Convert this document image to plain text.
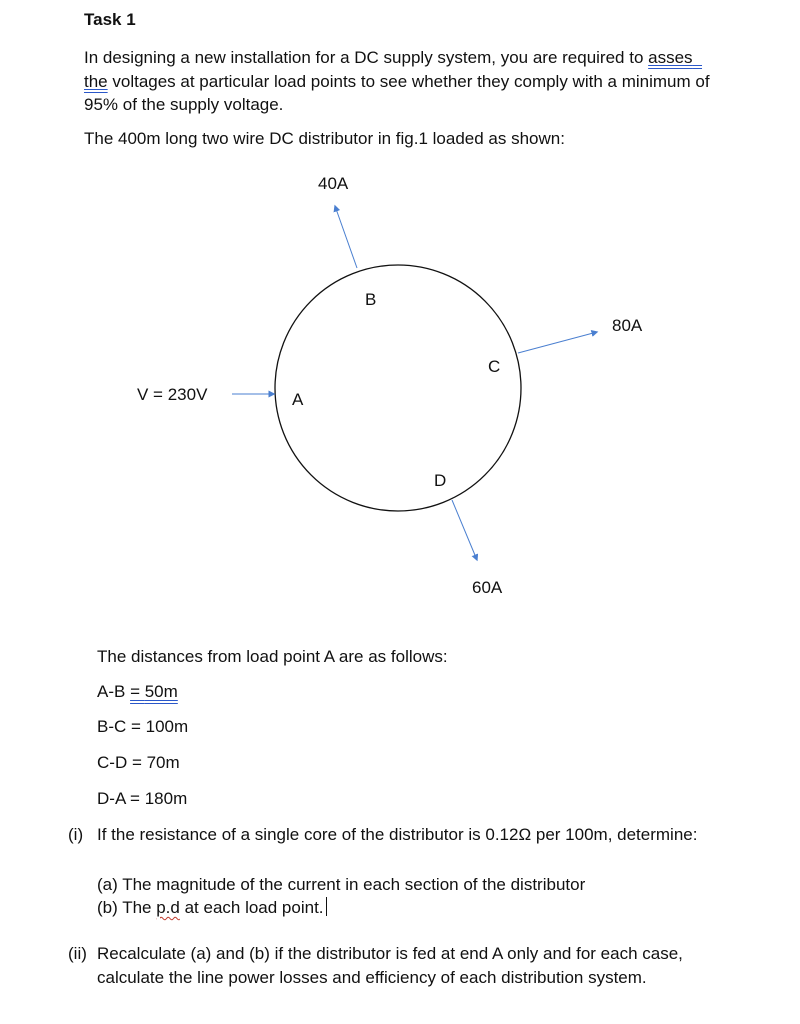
Task 1
In designing a new installation for a DC supply system, you are required to asses
the voltages at particular load points to see whether they comply with a minimum of
95% of the supply voltage.
The 400m long two wire DC distributor in fig.1 loaded as shown:
V = 230V	A
B
C
D
40A
80A
60A
The distances from load point A are as follows:
A-B = 50m
B-C = 100m
C-D = 70m
D-A = 180m
(i) If the resistance of a single core of the distributor is 0.12Ω per 100m, determine:
(a) The magnitude of the current in each section of the distributor
(b) The p.d at each load point.
(ii) Recalculate (a) and (b) if the distributor is fed at end A only and for each case,
calculate the line power losses and efficiency of each distribution system.
